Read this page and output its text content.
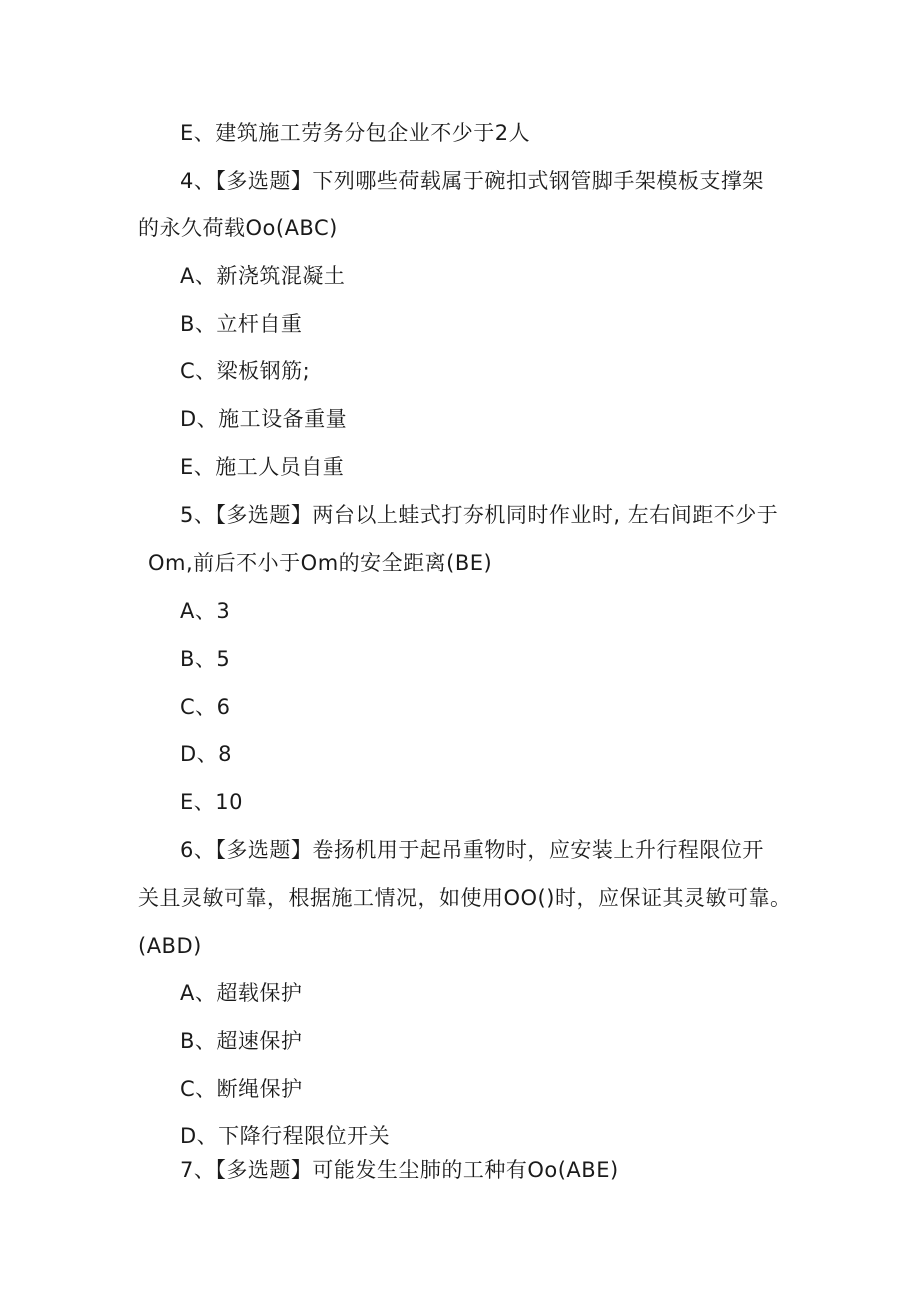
E、建筑施工劳务分包企业不少于2人
4、【多选题】下列哪些荷载属于碗扣式钢管脚手架模板支撑架
的永久荷载Oo(ABC)
A、新浇筑混凝土
B、立杆自重
C、梁板钢筋;
D、施工设备重量
E、施工人员自重
5、【多选题】两台以上蛙式打夯机同时作业时, 左右间距不少于
Om,前后不小于Om的安全距离(BE)
A、3
B、5
C、6
D、8
E、10
6、【多选题】卷扬机用于起吊重物时，应安装上升行程限位开
关且灵敏可靠，根据施工情况，如使用OO()时，应保证其灵敏可靠。
(ABD)
A、超载保护
B、超速保护
C、断绳保护
D、下降行程限位开关
7、【多选题】可能发生尘肺的工种有Oo(ABE)
